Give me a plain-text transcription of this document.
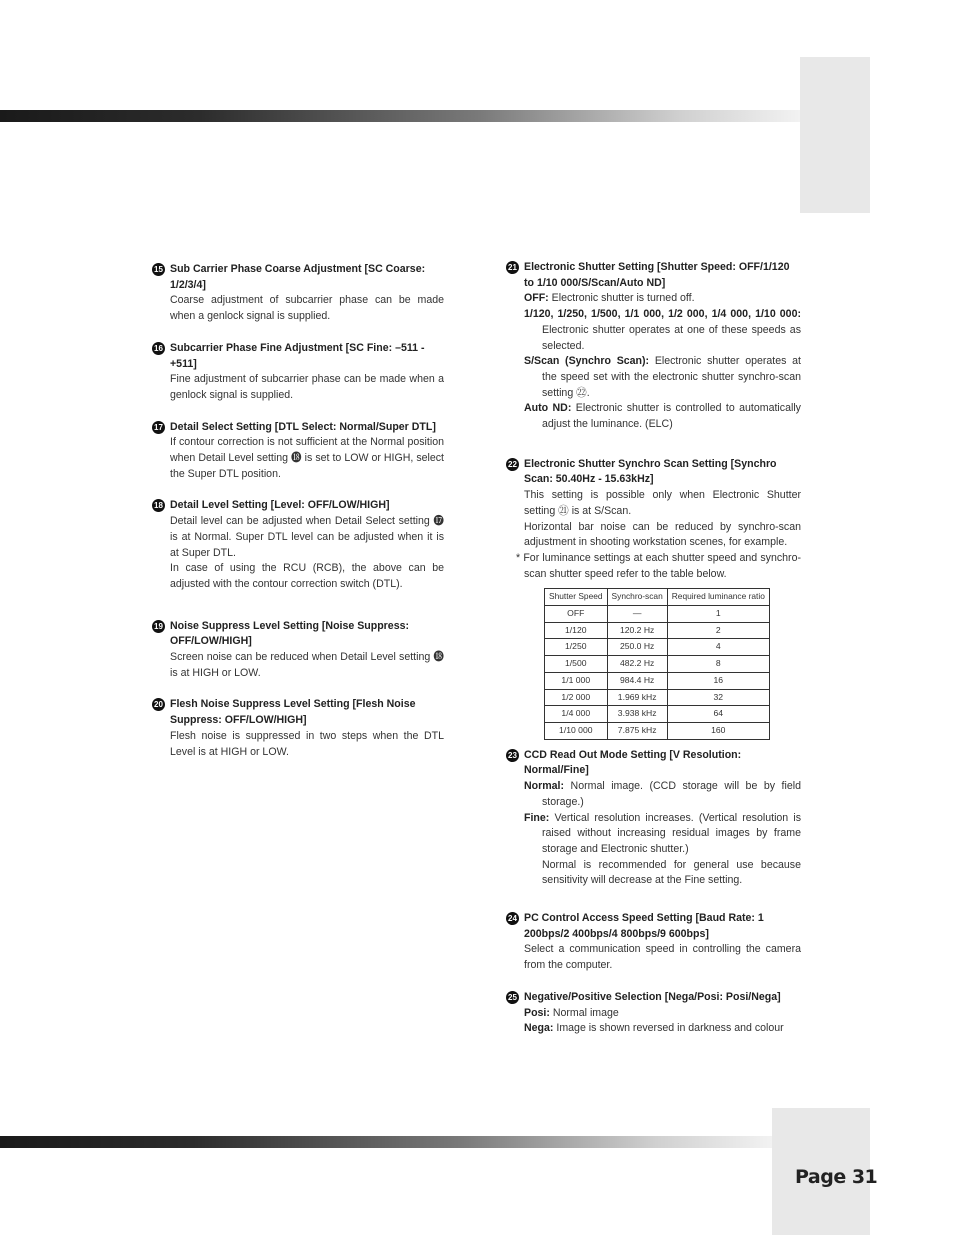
15 Sub Carrier Phase Coarse Adjustment [SC Coarse: 1/2/3/4]
Coarse adjustment of subcarrier phase can be made when a genlock signal is supplied.
16 Subcarrier Phase Fine Adjustment [SC Fine: –511 - +511]
Fine adjustment of subcarrier phase can be made when a genlock signal is supplied.
17 Detail Select Setting [DTL Select: Normal/Super DTL]
If contour correction is not sufficient at the Normal position when Detail Level setting ⓲ is set to LOW or HIGH, select the Super DTL position.
18 Detail Level Setting [Level: OFF/LOW/HIGH]
Detail level can be adjusted when Detail Select setting ⓱ is at Normal. Super DTL level can be adjusted when it is at Super DTL.
In case of using the RCU (RCB), the above can be adjusted with the contour correction switch (DTL).
19 Noise Suppress Level Setting [Noise Suppress: OFF/LOW/HIGH]
Screen noise can be reduced when Detail Level setting ⓲ is at HIGH or LOW.
20 Flesh Noise Suppress Level Setting [Flesh Noise Suppress: OFF/LOW/HIGH]
Flesh noise is suppressed in two steps when the DTL Level is at HIGH or LOW.
21 Electronic Shutter Setting [Shutter Speed: OFF/1/120 to 1/10 000/S/Scan/Auto ND]
OFF: Electronic shutter is turned off.
1/120, 1/250, 1/500, 1/1 000, 1/2 000, 1/4 000, 1/10 000: Electronic shutter operates at one of these speeds as selected.
S/Scan (Synchro Scan): Electronic shutter operates at the speed set with the electronic shutter synchro-scan setting ㉒.
Auto ND: Electronic shutter is controlled to automatically adjust the luminance. (ELC)
22 Electronic Shutter Synchro Scan Setting [Synchro Scan: 50.40Hz - 15.63kHz]
This setting is possible only when Electronic Shutter setting ㉑ is at S/Scan.
Horizontal bar noise can be reduced by synchro-scan adjustment in shooting workstation scenes, for example.
* For luminance settings at each shutter speed and synchro-scan shutter speed refer to the table below.
Shutter Speed	Synchro-scan	Required luminance ratio
OFF	—	1
1/120	120.2 Hz	2
1/250	250.0 Hz	4
1/500	482.2 Hz	8
1/1 000	984.4 Hz	16
1/2 000	1.969 kHz	32
1/4 000	3.938 kHz	64
1/10 000	7.875 kHz	160
23 CCD Read Out Mode Setting [V Resolution: Normal/Fine]
Normal: Normal image. (CCD storage will be by field storage.)
Fine: Vertical resolution increases. (Vertical resolution is raised without increasing residual images by frame storage and Electronic shutter.)
Normal is recommended for general use because sensitivity will decrease at the Fine setting.
24 PC Control Access Speed Setting [Baud Rate: 1 200bps/2 400bps/4 800bps/9 600bps]
Select a communication speed in controlling the camera from the computer.
25 Negative/Positive Selection [Nega/Posi: Posi/Nega]
Posi: Normal image
Nega: Image is shown reversed in darkness and colour
Page 31
